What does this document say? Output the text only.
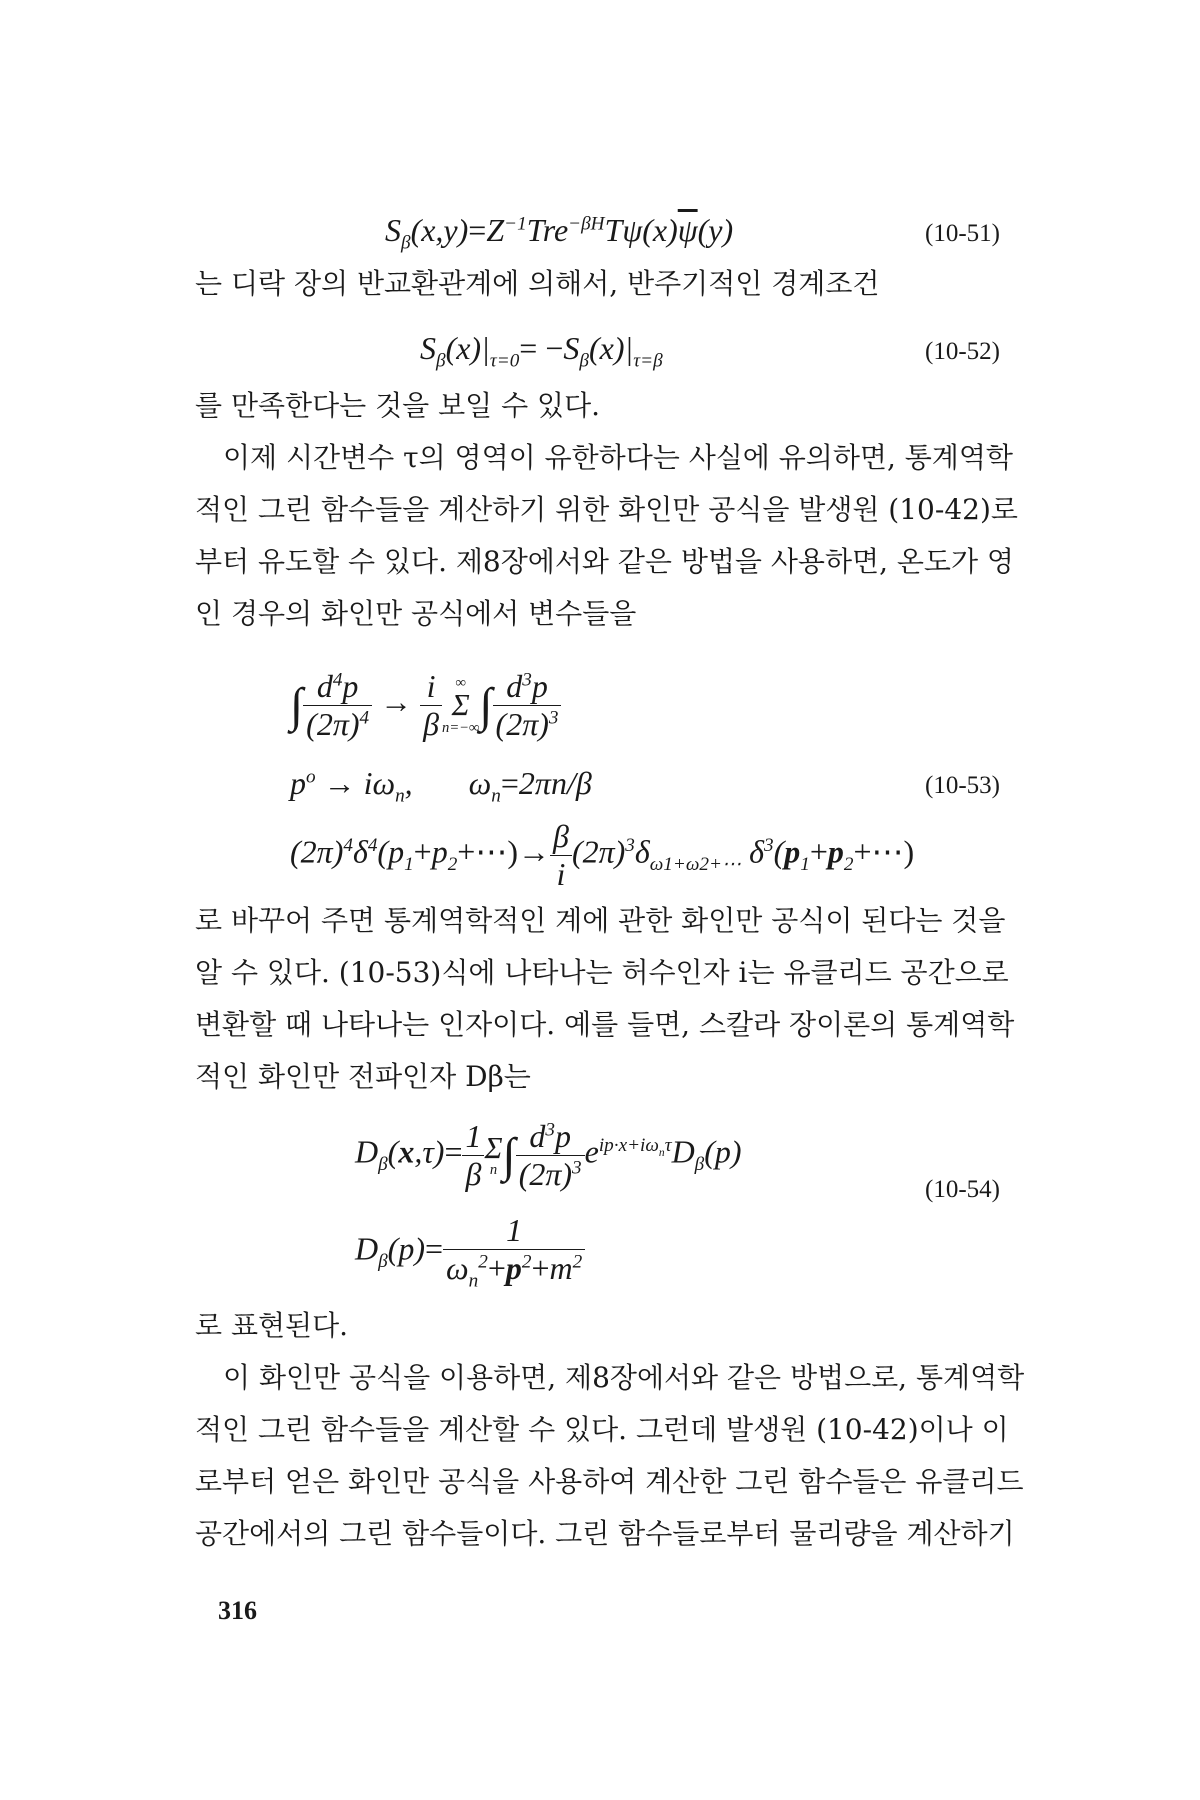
$S_\beta(x,y)=Z^{-1}Tre^{-\beta H}T\psi(x)\overline{\psi}(y)$	(10-51)

는 디락 장의 반교환관계에 의해서, 반주기적인 경계조건

$S_\beta(x)|_{\tau=0}= -S_\beta(x)|_{\tau=\beta}$	(10-52)

를 만족한다는 것을 보일 수 있다.

이제 시간변수 τ의 영역이 유한하다는 사실에 유의하면, 통계역학적인 그린 함수들을 계산하기 위한 화인만 공식을 발생원 (10-42)로부터 유도할 수 있다. 제8장에서와 같은 방법을 사용하면, 온도가 영인 경우의 화인만 공식에서 변수들을

∫ $\frac{d^4p}{(2\pi)^4} \to \frac{i}{\beta}$ ∞
Σ
n=−∞ ∫ $\frac{d^3p}{(2\pi)^3}$
$p^o \to i\omega_n$,       $\omega_n=2\pi n/\beta$	(10-53)
$(2\pi)^4\delta^4(p_1+p_2+\cdots)\to \frac{\beta}{i} (2\pi)^3\delta_{\omega 1+\omega 2+\cdots}$ $\delta^3(p_1+p_2+\cdots)$

로 바꾸어 주면 통계역학적인 계에 관한 화인만 공식이 된다는 것을 알 수 있다. (10-53)식에 나타나는 허수인자 i는 유클리드 공간으로 변환할 때 나타나는 인자이다. 예를 들면, 스칼라 장이론의 통계역학적인 화인만 전파인자 Dβ는

$D_\beta(x,\tau)= \frac{1}{\beta}$ Σ
n ∫ $\frac{d^3p}{(2\pi)^3} e^{ip\cdot x+i\omega_n\tau}D_\beta(p)$
(10-54)
$D_\beta(p)= \frac{1}{\omega_n^2+p^2+m^2}$

로 표현된다.

이 화인만 공식을 이용하면, 제8장에서와 같은 방법으로, 통계역학적인 그린 함수들을 계산할 수 있다. 그런데 발생원 (10-42)이나 이로부터 얻은 화인만 공식을 사용하여 계산한 그린 함수들은 유클리드 공간에서의 그린 함수들이다. 그린 함수들로부터 물리량을 계산하기

316
